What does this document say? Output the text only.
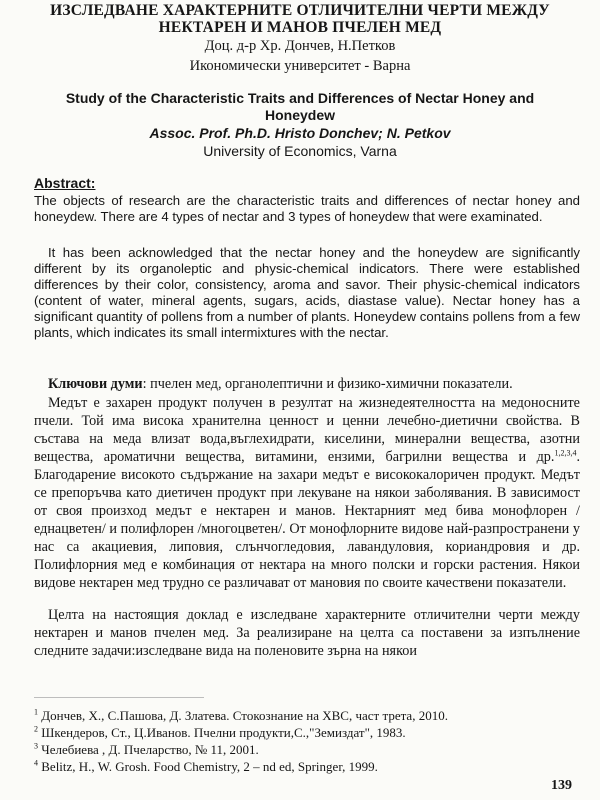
ИЗСЛЕДВАНЕ ХАРАКТЕРНИТЕ ОТЛИЧИТЕЛНИ ЧЕРТИ МЕЖДУ
НЕКТАРЕН И МАНОВ ПЧЕЛЕН МЕД
Доц. д-р Хр. Дончев, Н.Петков
Икономически университет - Варна
Study of the Characteristic Traits and Differences of Nectar Honey and Honeydew
Assoc. Prof. Ph.D. Hristo Donchev; N. Petkov
University of Economics, Varna
Abstract:

The objects of research are the characteristic traits and differences of nectar honey and honeydew. There are 4 types of nectar and 3 types of honeydew that were examinated.

It has been acknowledged that the nectar honey and the honeydew are significantly different by its organoleptic and physic-chemical indicators. There were established differences by their color, consistency, aroma and savor. Their physic-chemical indicators (content of water, mineral agents, sugars, acids, diastase value). Nectar honey has a significant quantity of pollens from a number of plants. Honeydew contains pollens from a few plants, which indicates its small intermixtures with the nectar.

Ключови думи: пчелен мед, органолептични и физико-химични показатели.

Медът е захарен продукт получен в резултат на жизнедеятелността на медоносните пчели. Той има висока хранителна ценност и ценни лечебно-диетични свойства. В състава на меда влизат вода,въглехидрати, киселини, минерални вещества, азотни вещества, ароматични вещества, витамини, ензими, багрилни вещества и др.$^{1,2,3,4}$. Благодарение високото съдържание на захари медът е висококалоричен продукт. Медът се препоръчва като диетичен продукт при лекуване на някои заболявания. В зависимост от своя произход медът е нектарен и манов. Нектарният мед бива монофлорен /еднацветен/ и полифлорен /многоцветен/. От монофлорните видове най-разпространени у нас са акациевия, липовия, слънчогледовия, лавандуловия, кориандровия и др. Полифлорния мед е комбинация от нектара на много полски и горски растения. Някои видове нектарен мед трудно се различават от мановия по своите качествени показатели.

Целта на настоящия доклад е изследване характерните отличителни черти между нектарен и манов пчелен мед. За реализиране на целта са поставени за изпълнение следните задачи:изследване вида на поленовите зърна на някои

$^1$ Дончев, Х., С.Пашова, Д. Златева. Стокознание на ХВС, част трета, 2010.
$^2$ Шкендеров, Ст., Ц.Иванов. Пчелни продукти,С.,"Земиздат", 1983.
$^3$ Челебиева , Д. Пчеларство, № 11, 2001.
$^4$ Belitz, H., W. Grosh. Food Chemistry, 2 – nd ed, Springer, 1999.
139
